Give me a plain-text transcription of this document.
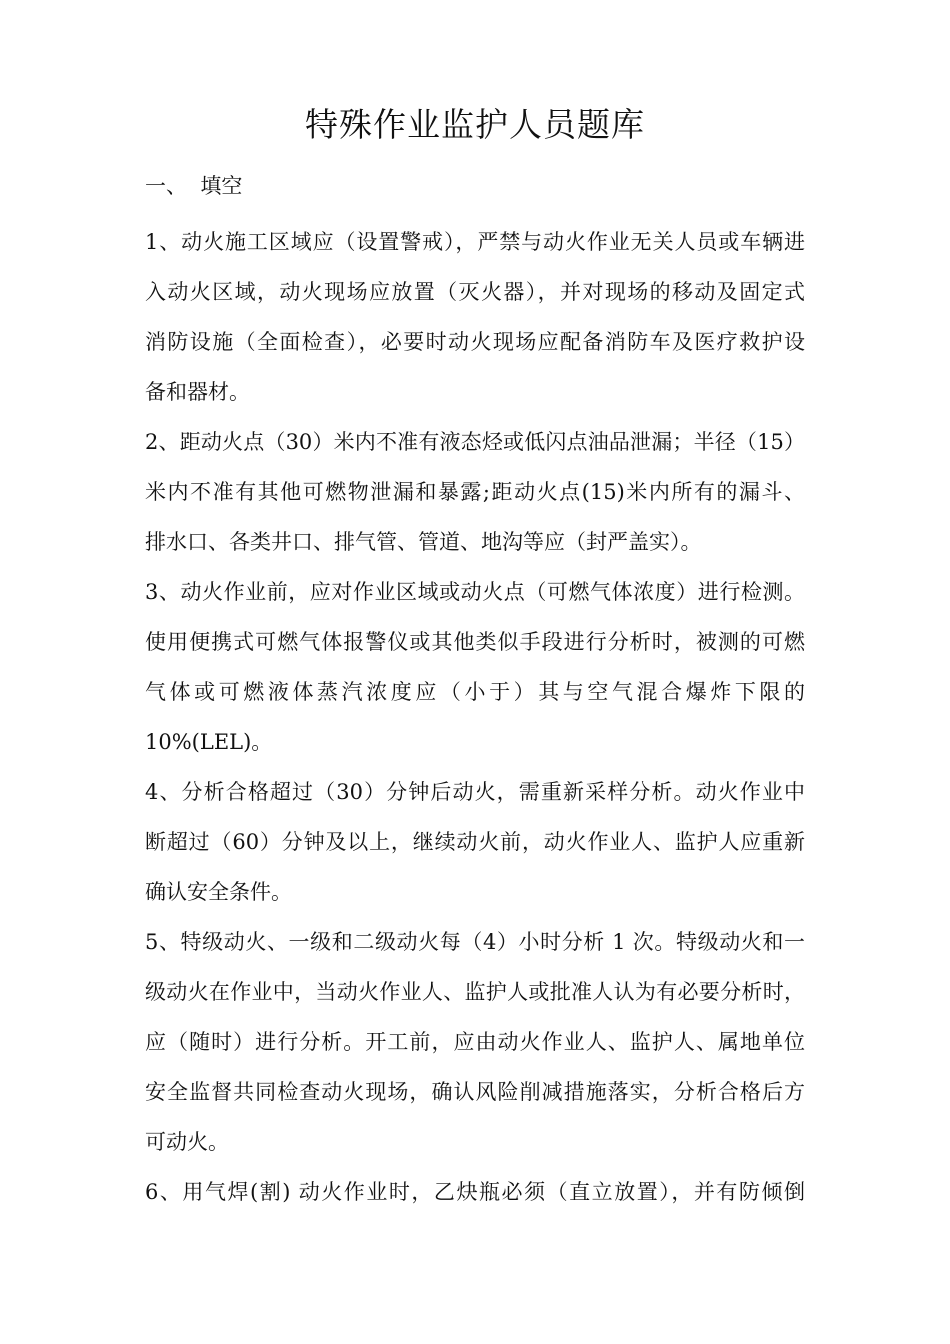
特殊作业监护人员题库
一、  填空
1、动火施工区域应（设置警戒），严禁与动火作业无关人员或车辆进
入动火区域，动火现场应放置（灭火器），并对现场的移动及固定式
消防设施（全面检查），必要时动火现场应配备消防车及医疗救护设
备和器材。
2、距动火点（30）米内不准有液态烃或低闪点油品泄漏；半径（15）
米内不准有其他可燃物泄漏和暴露;距动火点(15)米内所有的漏斗、
排水口、各类井口、排气管、管道、地沟等应（封严盖实）。
3、动火作业前，应对作业区域或动火点（可燃气体浓度）进行检测。
使用便携式可燃气体报警仪或其他类似手段进行分析时，被测的可燃
气体或可燃液体蒸汽浓度应（小于）其与空气混合爆炸下限的
10%(LEL)。
4、分析合格超过（30）分钟后动火，需重新采样分析。动火作业中
断超过（60）分钟及以上，继续动火前，动火作业人、监护人应重新
确认安全条件。
5、特级动火、一级和二级动火每（4）小时分析 1 次。特级动火和一
级动火在作业中，当动火作业人、监护人或批准人认为有必要分析时，
应（随时）进行分析。开工前，应由动火作业人、监护人、属地单位
安全监督共同检查动火现场，确认风险削减措施落实，分析合格后方
可动火。
6、用气焊(割) 动火作业时，乙炔瓶必须（直立放置），并有防倾倒
